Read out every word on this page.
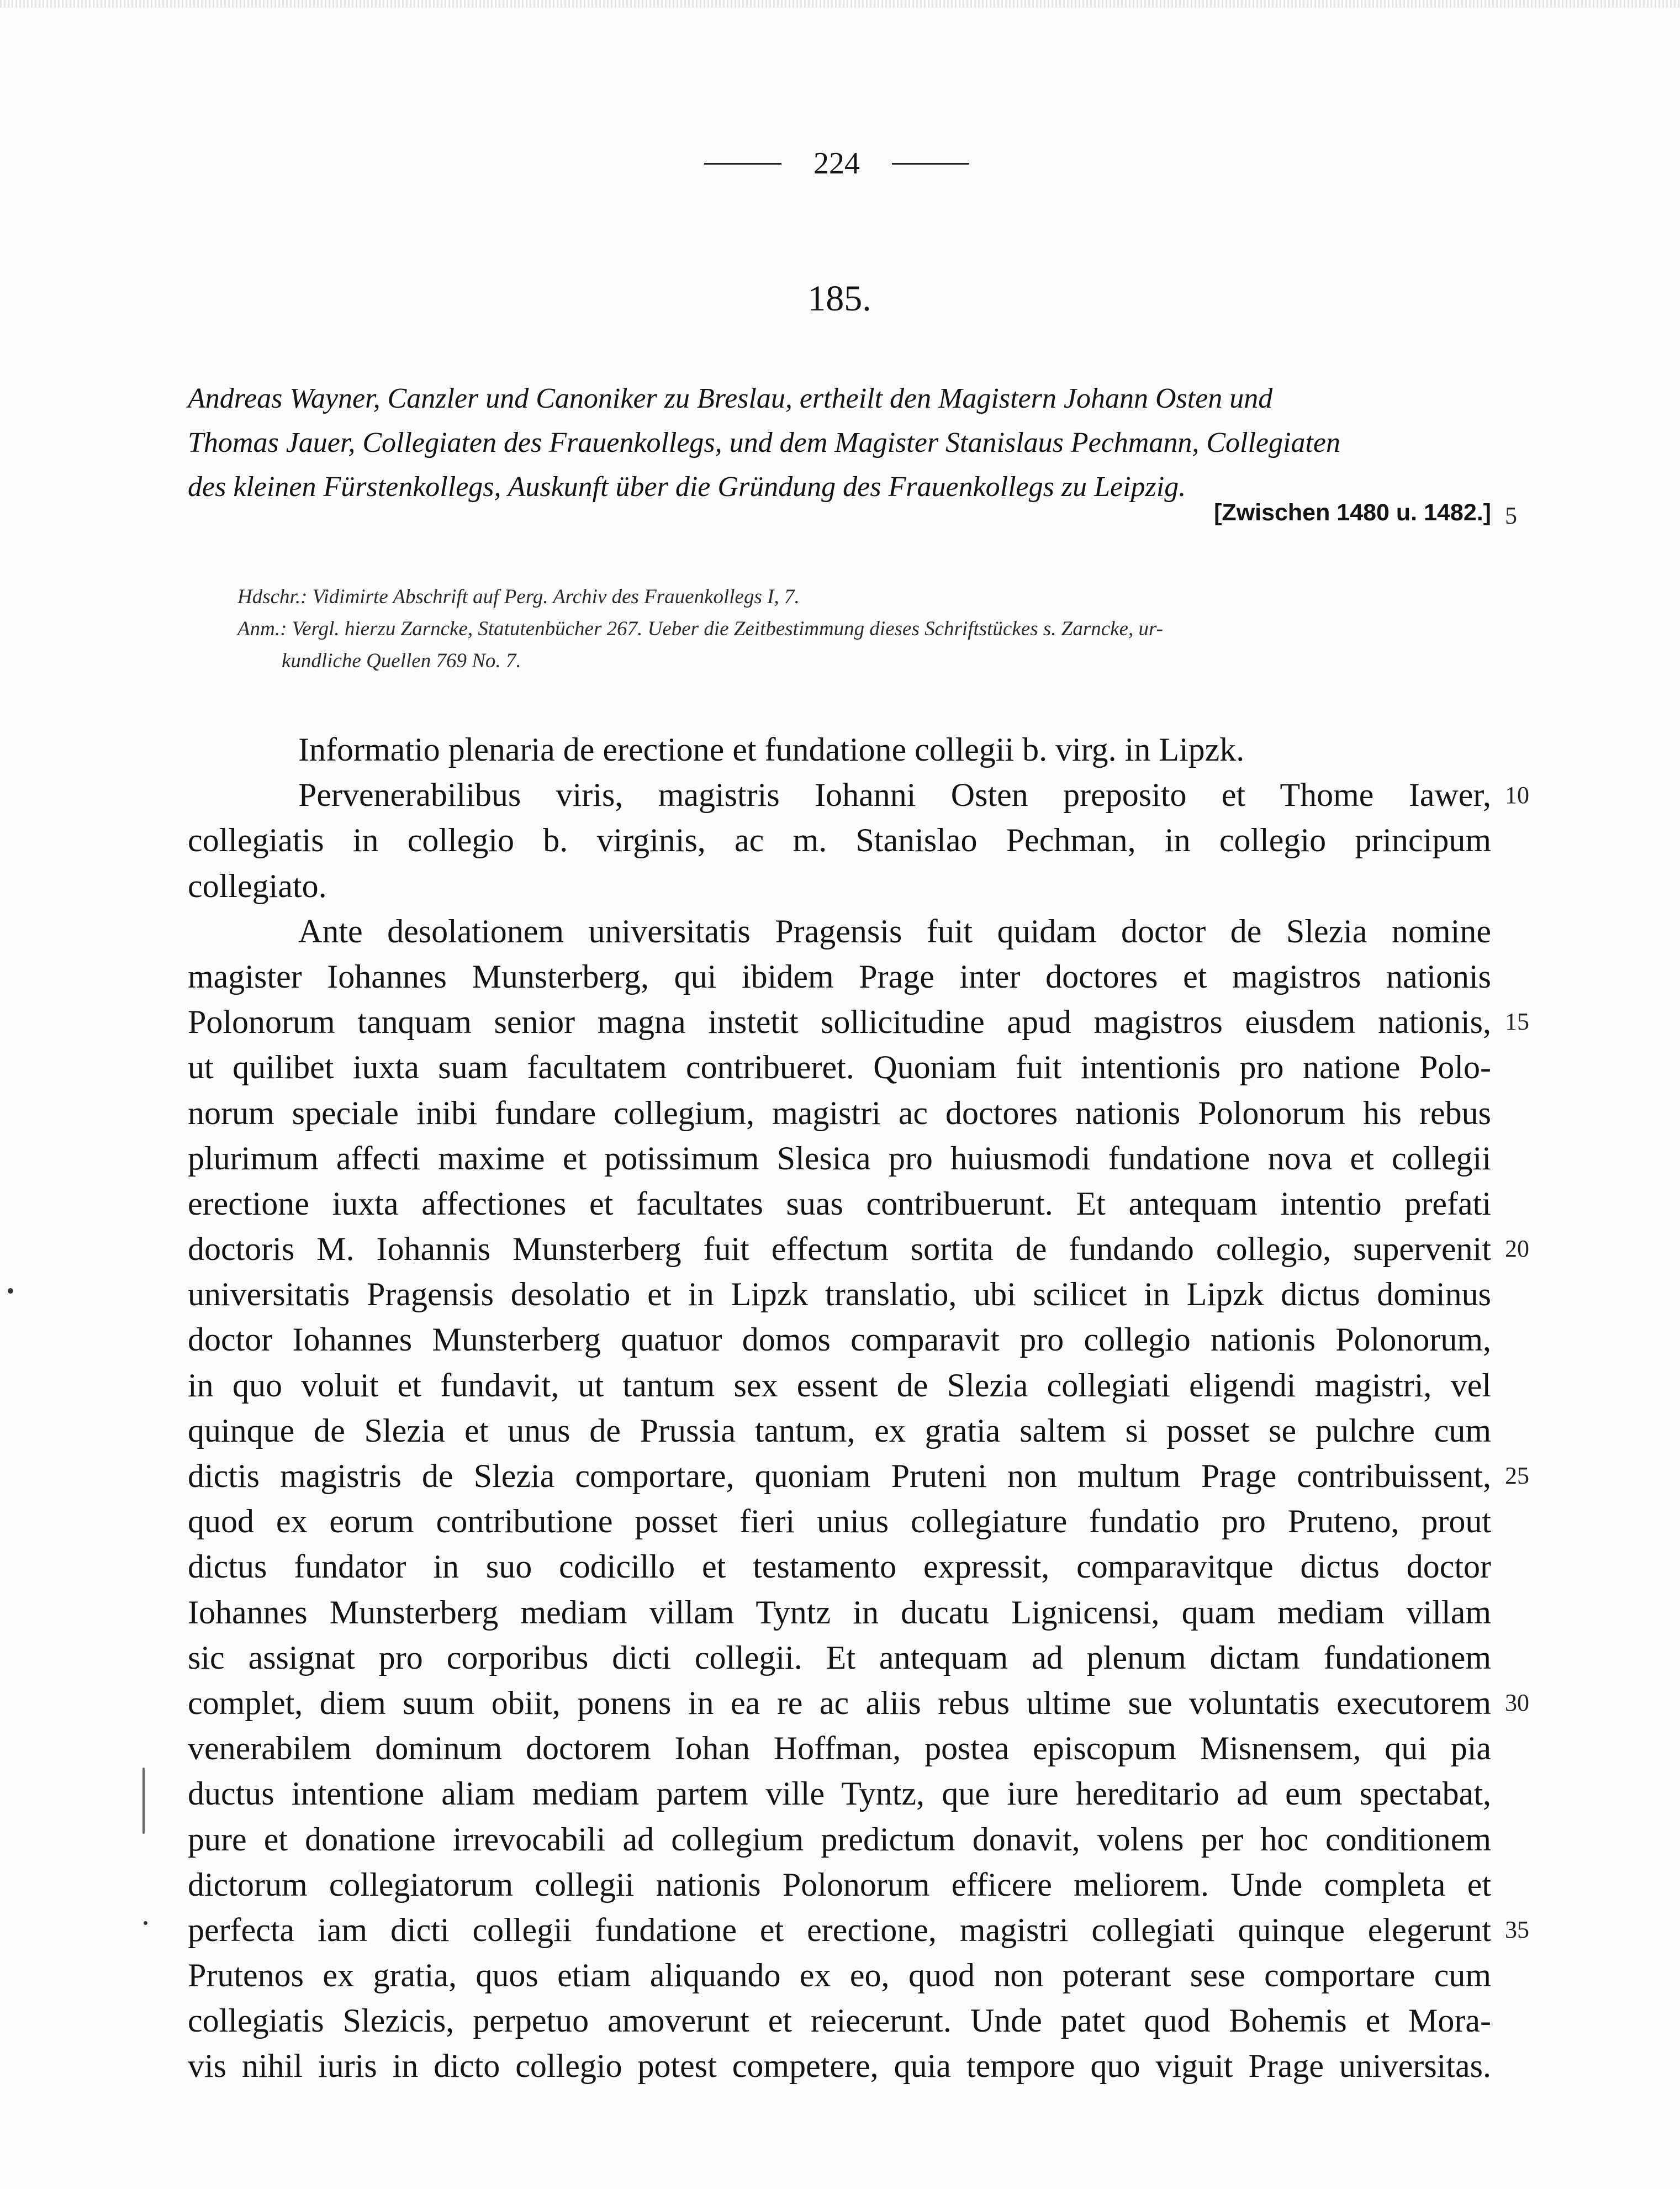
224
185.
Andreas Wayner, Canzler und Canoniker zu Breslau, ertheilt den Magistern Johann Osten und
Thomas Jauer, Collegiaten des Frauenkollegs, und dem Magister Stanislaus Pechmann, Collegiaten
des kleinen Fürstenkollegs, Auskunft über die Gründung des Frauenkollegs zu Leipzig.
[Zwischen 1480 u. 1482.]
Hdschr.: Vidimirte Abschrift auf Perg. Archiv des Frauenkollegs I, 7.
Anm.: Vergl. hierzu Zarncke, Statutenbücher 267. Ueber die Zeitbestimmung dieses Schriftstückes s. Zarncke, ur-
kundliche Quellen 769 No. 7.
Informatio plenaria de erectione et fundatione collegii b. virg. in Lipzk.
Pervenerabilibus viris, magistris Iohanni Osten preposito et Thome Iawer,
collegiatis in collegio b. virginis, ac m. Stanislao Pechman, in collegio principum
collegiato.
Ante desolationem universitatis Pragensis fuit quidam doctor de Slezia nomine
magister Iohannes Munsterberg, qui ibidem Prage inter doctores et magistros nationis
Polonorum tanquam senior magna instetit sollicitudine apud magistros eiusdem nationis,
ut quilibet iuxta suam facultatem contribueret. Quoniam fuit intentionis pro natione Polo-
norum speciale inibi fundare collegium, magistri ac doctores nationis Polonorum his rebus
plurimum affecti maxime et potissimum Slesica pro huiusmodi fundatione nova et collegii
erectione iuxta affectiones et facultates suas contribuerunt. Et antequam intentio prefati
doctoris M. Iohannis Munsterberg fuit effectum sortita de fundando collegio, supervenit
universitatis Pragensis desolatio et in Lipzk translatio, ubi scilicet in Lipzk dictus dominus
doctor Iohannes Munsterberg quatuor domos comparavit pro collegio nationis Polonorum,
in quo voluit et fundavit, ut tantum sex essent de Slezia collegiati eligendi magistri, vel
quinque de Slezia et unus de Prussia tantum, ex gratia saltem si posset se pulchre cum
dictis magistris de Slezia comportare, quoniam Pruteni non multum Prage contribuissent,
quod ex eorum contributione posset fieri unius collegiature fundatio pro Pruteno, prout
dictus fundator in suo codicillo et testamento expressit, comparavitque dictus doctor
Iohannes Munsterberg mediam villam Tyntz in ducatu Lignicensi, quam mediam villam
sic assignat pro corporibus dicti collegii. Et antequam ad plenum dictam fundationem
complet, diem suum obiit, ponens in ea re ac aliis rebus ultime sue voluntatis executorem
venerabilem dominum doctorem Iohan Hoffman, postea episcopum Misnensem, qui pia
ductus intentione aliam mediam partem ville Tyntz, que iure hereditario ad eum spectabat,
pure et donatione irrevocabili ad collegium predictum donavit, volens per hoc conditionem
dictorum collegiatorum collegii nationis Polonorum efficere meliorem. Unde completa et
perfecta iam dicti collegii fundatione et erectione, magistri collegiati quinque elegerunt
Prutenos ex gratia, quos etiam aliquando ex eo, quod non poterant sese comportare cum
collegiatis Slezicis, perpetuo amoverunt et reiecerunt. Unde patet quod Bohemis et Mora-
vis nihil iuris in dicto collegio potest competere, quia tempore quo viguit Prage universitas.
5
10
15
20
25
30
35
